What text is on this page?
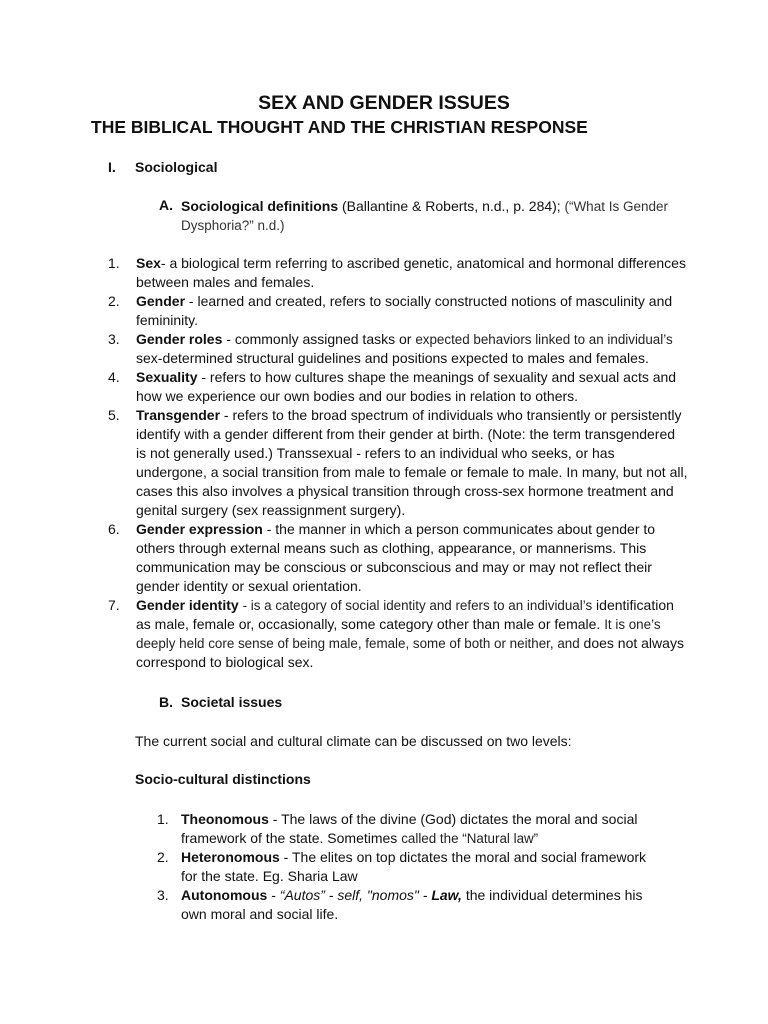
SEX AND GENDER ISSUES
THE BIBLICAL THOUGHT AND THE CHRISTIAN RESPONSE
I. Sociological
A. Sociological definitions (Ballantine & Roberts, n.d., p. 284); (“What Is Gender Dysphoria?” n.d.)
1.	Sex- a biological term referring to ascribed genetic, anatomical and hormonal differences between males and females.
2.	Gender - learned and created, refers to socially constructed notions of masculinity and femininity.
3.	Gender roles - commonly assigned tasks or expected behaviors linked to an individual’s sex-determined structural guidelines and positions expected to males and females.
4.	Sexuality - refers to how cultures shape the meanings of sexuality and sexual acts and how we experience our own bodies and our bodies in relation to others.
5.	Transgender - refers to the broad spectrum of individuals who transiently or persistently identify with a gender different from their gender at birth. (Note: the term transgendered is not generally used.) Transsexual - refers to an individual who seeks, or has undergone, a social transition from male to female or female to male. In many, but not all, cases this also involves a physical transition through cross-sex hormone treatment and genital surgery (sex reassignment surgery).
6.	Gender expression - the manner in which a person communicates about gender to others through external means such as clothing, appearance, or mannerisms. This communication may be conscious or subconscious and may or may not reflect their gender identity or sexual orientation.
7.	Gender identity - is a category of social identity and refers to an individual’s identification as male, female or, occasionally, some category other than male or female. It is one’s deeply held core sense of being male, female, some of both or neither, and does not always correspond to biological sex.
B. Societal issues
The current social and cultural climate can be discussed on two levels:
Socio-cultural distinctions
1. Theonomous - The laws of the divine (God) dictates the moral and social framework of the state. Sometimes called the “Natural law”
2. Heteronomous - The elites on top dictates the moral and social framework for the state. Eg. Sharia Law
3. Autonomous - “Autos” - self, "nomos" - Law, the individual determines his own moral and social life.
